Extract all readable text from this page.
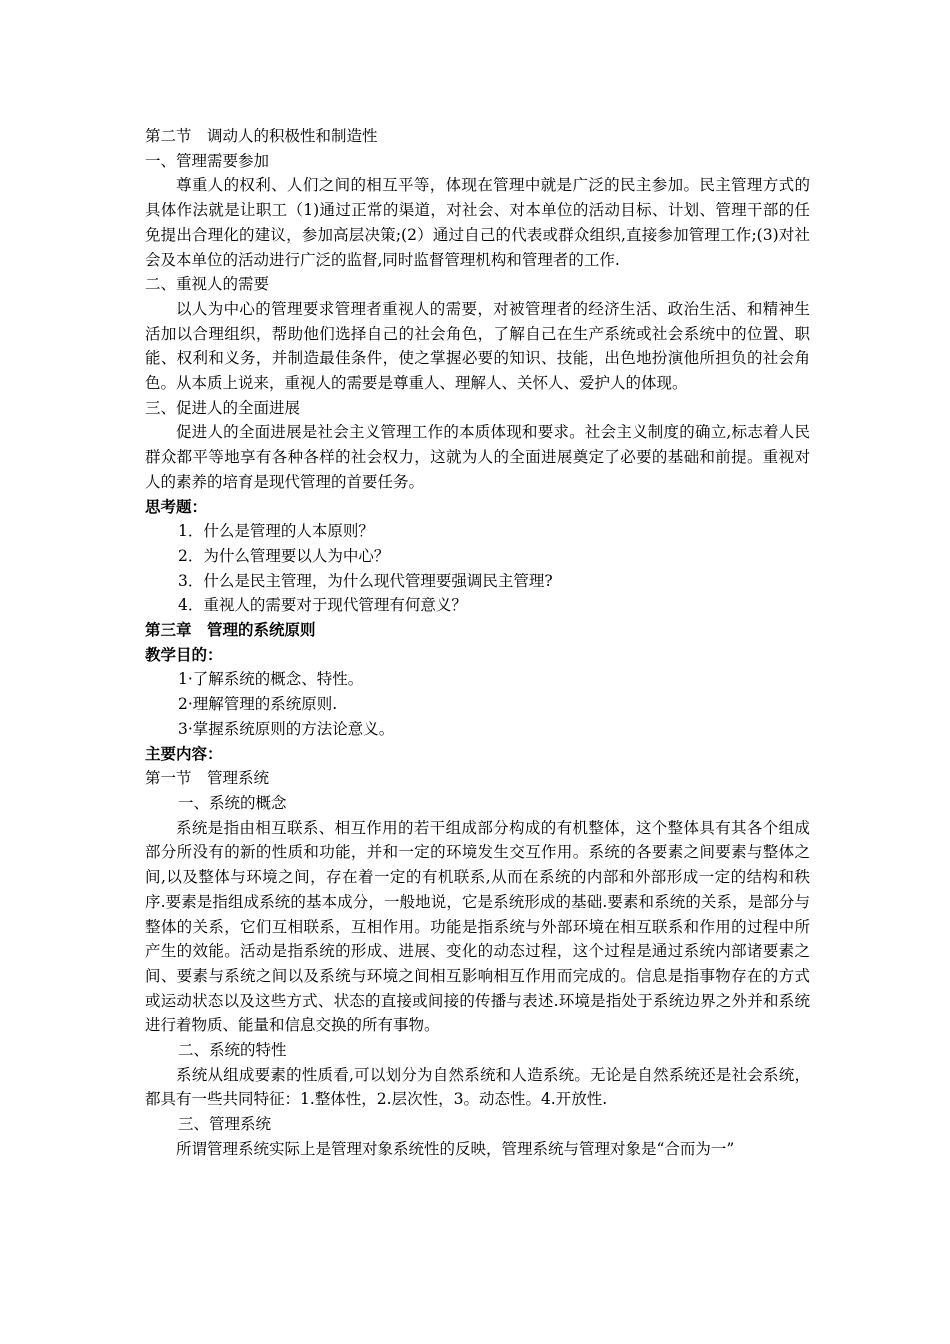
第二节　调动人的积极性和制造性
一、管理需要参加

尊重人的权利、人们之间的相互平等，体现在管理中就是广泛的民主参加。民主管理方式的具体作法就是让职工（1)通过正常的渠道，对社会、对本单位的活动目标、计划、管理干部的任免提出合理化的建议，参加高层决策;(2）通过自己的代表或群众组织,直接参加管理工作;(3)对社会及本单位的活动进行广泛的监督,同时监督管理机构和管理者的工作.

二、重视人的需要

以人为中心的管理要求管理者重视人的需要，对被管理者的经济生活、政治生活、和精神生活加以合理组织，帮助他们选择自己的社会角色，了解自己在生产系统或社会系统中的位置、职能、权利和义务，并制造最佳条件，使之掌握必要的知识、技能，出色地扮演他所担负的社会角色。从本质上说来，重视人的需要是尊重人、理解人、关怀人、爱护人的体现。

三、促进人的全面进展

促进人的全面进展是社会主义管理工作的本质体现和要求。社会主义制度的确立,标志着人民群众都平等地享有各种各样的社会权力，这就为人的全面进展奠定了必要的基础和前提。重视对人的素养的培育是现代管理的首要任务。

思考题：
1．什么是管理的人本原则？
2．为什么管理要以人为中心？
3．什么是民主管理，为什么现代管理要强调民主管理?
4．重视人的需要对于现代管理有何意义？
第三章　管理的系统原则
教学目的：
1·了解系统的概念、特性。
2·理解管理的系统原则.
3·掌握系统原则的方法论意义。
主要内容：
第一节　管理系统
一、系统的概念

系统是指由相互联系、相互作用的若干组成部分构成的有机整体，这个整体具有其各个组成部分所没有的新的性质和功能，并和一定的环境发生交互作用。系统的各要素之间要素与整体之间,以及整体与环境之间，存在着一定的有机联系,从而在系统的内部和外部形成一定的结构和秩序.要素是指组成系统的基本成分，一般地说，它是系统形成的基础.要素和系统的关系，是部分与整体的关系，它们互相联系，互相作用。功能是指系统与外部环境在相互联系和作用的过程中所产生的效能。活动是指系统的形成、进展、变化的动态过程，这个过程是通过系统内部诸要素之间、要素与系统之间以及系统与环境之间相互影响相互作用而完成的。信息是指事物存在的方式或运动状态以及这些方式、状态的直接或间接的传播与表述.环境是指处于系统边界之外并和系统进行着物质、能量和信息交换的所有事物。

二、系统的特性

系统从组成要素的性质看,可以划分为自然系统和人造系统。无论是自然系统还是社会系统，都具有一些共同特征：1.整体性，2.层次性，3。动态性。4.开放性.

三、管理系统

所谓管理系统实际上是管理对象系统性的反映，管理系统与管理对象是“合而为一”
